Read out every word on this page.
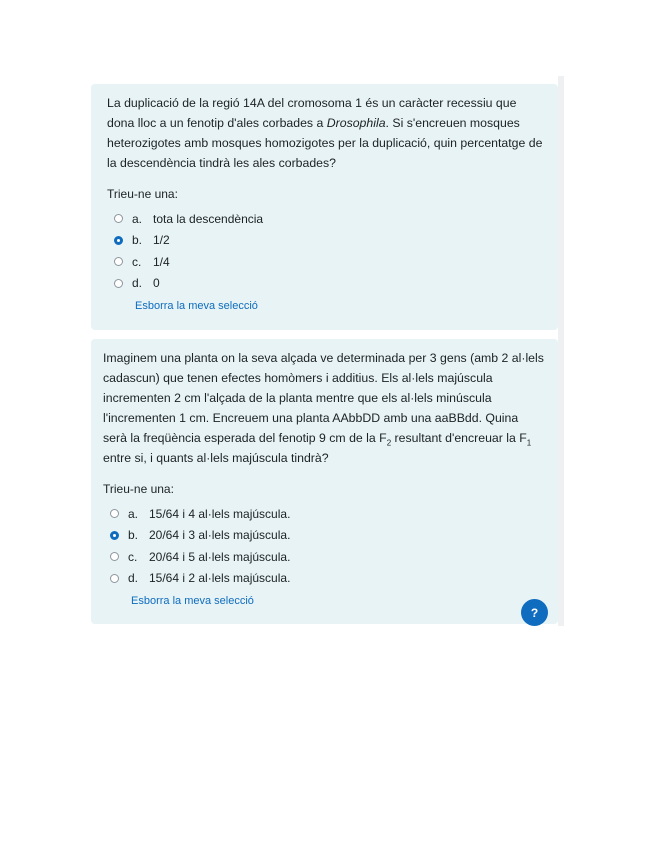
La duplicació de la regió 14A del cromosoma 1 és un caràcter recessiu que dona lloc a un fenotip d'ales corbades a Drosophila. Si s'encreuen mosques heterozigotes amb mosques homozigotes per la duplicació, quin percentatge de la descendència tindrà les ales corbades?

Trieu-ne una:
a. tota la descendència
b. 1/2
c. 1/4
d. 0
Esborra la meva selecció

Imaginem una planta on la seva alçada ve determinada per 3 gens (amb 2 al·lels cadascun) que tenen efectes homòmers i additius. Els al·lels majúscula incrementen 2 cm l'alçada de la planta mentre que els al·lels minúscula l'incrementen 1 cm. Encreuem una planta AAbbDD amb una aaBBdd. Quina serà la freqüència esperada del fenotip 9 cm de la $F_2$ resultant d'encreuar la $F_1$ entre si, i quants al·lels majúscula tindrà?

Trieu-ne una:
a. 15/64 i 4 al·lels majúscula.
b. 20/64 i 3 al·lels majúscula.
c. 20/64 i 5 al·lels majúscula.
d. 15/64 i 2 al·lels majúscula.
Esborra la meva selecció
?
